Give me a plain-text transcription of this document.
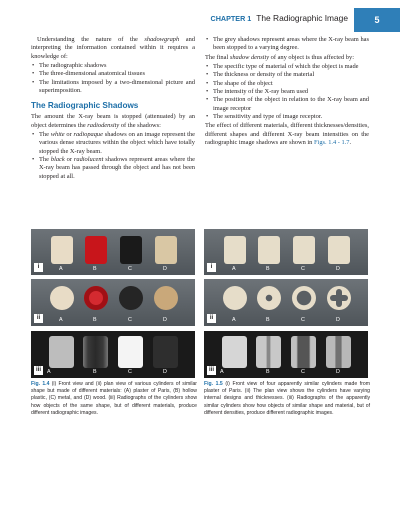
CHAPTER 1 The Radiographic Image	5

Understanding the nature of the shadowgraph and interpreting the information contained within it requires a knowledge of:

• The radiographic shadows
• The three-dimensional anatomical tissues
• The limitations imposed by a two-dimensional picture and superimposition.
The Radiographic Shadows

The amount the X-ray beam is stopped (attenuated) by an object determines the radiodensity of the shadows:

• The white or radiopaque shadows on an image represent the various dense structures within the object which have totally stopped the X-ray beam.
• The black or radiolucent shadows represent areas where the X-ray beam has passed through the object and has not been stopped at all.
• The grey shadows represent areas where the X-ray beam has been stopped to a varying degree.

The final shadow density of any object is thus affected by:

• The specific type of material of which the object is made
• The thickness or density of the material
• The shape of the object
• The intensity of the X-ray beam used
• The position of the object in relation to the X-ray beam and image receptor
• The sensitivity and type of image receptor.

The effect of different materials, different thicknesses/densities, different shapes and different X-ray beam intensities on the radiographic image shadows are shown in Figs. 1.4 - 1.7.

i	A	B	C	D
ii	A	B	C	D
iii	A	B	C	D
i	A	B	C	D
ii	A	B	C	D
iii	A	B	C	D
Fig. 1.4 (i) Front view and (ii) plan view of various cylinders of similar shape but made of different materials: (A) plaster of Paris, (B) hollow plastic, (C) metal, and (D) wood. (iii) Radiographs of the cylinders show how objects of the same shape, but of different materials, produce different radiographic images.
Fig. 1.5 (i) Front view of four apparently similar cylinders made from plaster of Paris. (ii) The plan view shows the cylinders have varying internal designs and thicknesses. (iii) Radiographs of the apparently similar cylinders show how objects of similar shape and material, but of different densities, produce different radiographic images.
